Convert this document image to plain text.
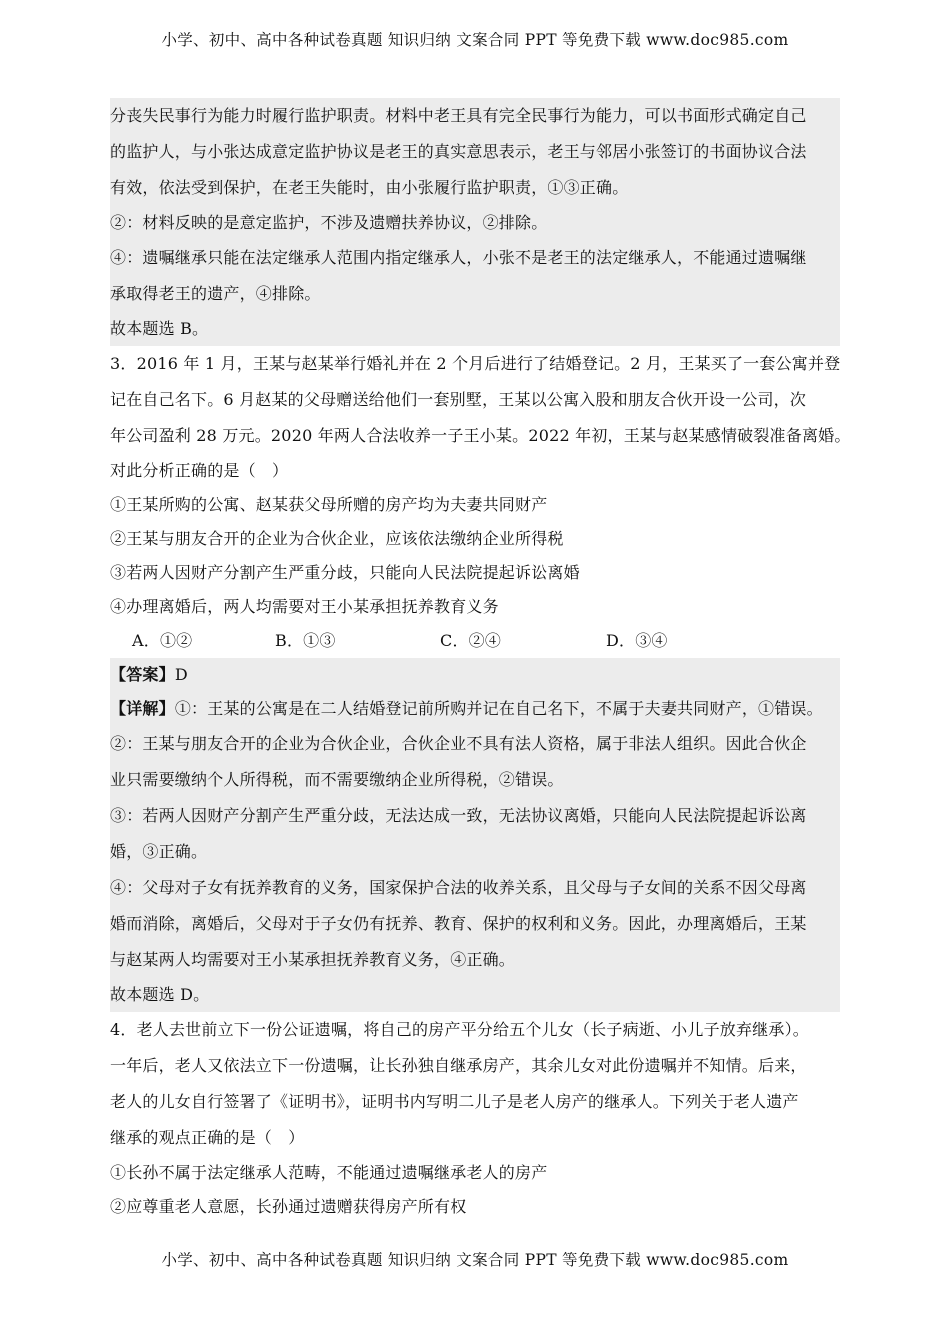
小学、初中、高中各种试卷真题 知识归纳 文案合同 PPT 等免费下载 www.doc985.com
分丧失民事行为能力时履行监护职责。材料中老王具有完全民事行为能力，可以书面形式确定自己
的监护人，与小张达成意定监护协议是老王的真实意思表示，老王与邻居小张签订的书面协议合法
有效，依法受到保护，在老王失能时，由小张履行监护职责，①③正确。
②：材料反映的是意定监护，不涉及遗赠扶养协议，②排除。
④：遗嘱继承只能在法定继承人范围内指定继承人，小张不是老王的法定继承人，不能通过遗嘱继
承取得老王的遗产，④排除。
故本题选 B。
3．2016 年 1 月，王某与赵某举行婚礼并在 2 个月后进行了结婚登记。2 月，王某买了一套公寓并登
记在自己名下。6 月赵某的父母赠送给他们一套别墅，王某以公寓入股和朋友合伙开设一公司，次
年公司盈利 28 万元。2020 年两人合法收养一子王小某。2022 年初，王某与赵某感情破裂准备离婚。
对此分析正确的是（　）
①王某所购的公寓、赵某获父母所赠的房产均为夫妻共同财产
②王某与朋友合开的企业为合伙企业，应该依法缴纳企业所得税
③若两人因财产分割产生严重分歧，只能向人民法院提起诉讼离婚
④办理离婚后，两人均需要对王小某承担抚养教育义务
A．①②	B．①③	C．②④	D．③④
【答案】D
【详解】①：王某的公寓是在二人结婚登记前所购并记在自己名下，不属于夫妻共同财产，①错误。
②：王某与朋友合开的企业为合伙企业，合伙企业不具有法人资格，属于非法人组织。因此合伙企
业只需要缴纳个人所得税，而不需要缴纳企业所得税，②错误。
③：若两人因财产分割产生严重分歧，无法达成一致，无法协议离婚，只能向人民法院提起诉讼离
婚，③正确。
④：父母对子女有抚养教育的义务，国家保护合法的收养关系，且父母与子女间的关系不因父母离
婚而消除，离婚后，父母对于子女仍有抚养、教育、保护的权利和义务。因此，办理离婚后，王某
与赵某两人均需要对王小某承担抚养教育义务，④正确。
故本题选 D。
4．老人去世前立下一份公证遗嘱，将自己的房产平分给五个儿女（长子病逝、小儿子放弃继承）。
一年后，老人又依法立下一份遗嘱，让长孙独自继承房产，其余儿女对此份遗嘱并不知情。后来，
老人的儿女自行签署了《证明书》，证明书内写明二儿子是老人房产的继承人。下列关于老人遗产
继承的观点正确的是（　）
①长孙不属于法定继承人范畴，不能通过遗嘱继承老人的房产
②应尊重老人意愿，长孙通过遗赠获得房产所有权
小学、初中、高中各种试卷真题 知识归纳 文案合同 PPT 等免费下载 www.doc985.com
